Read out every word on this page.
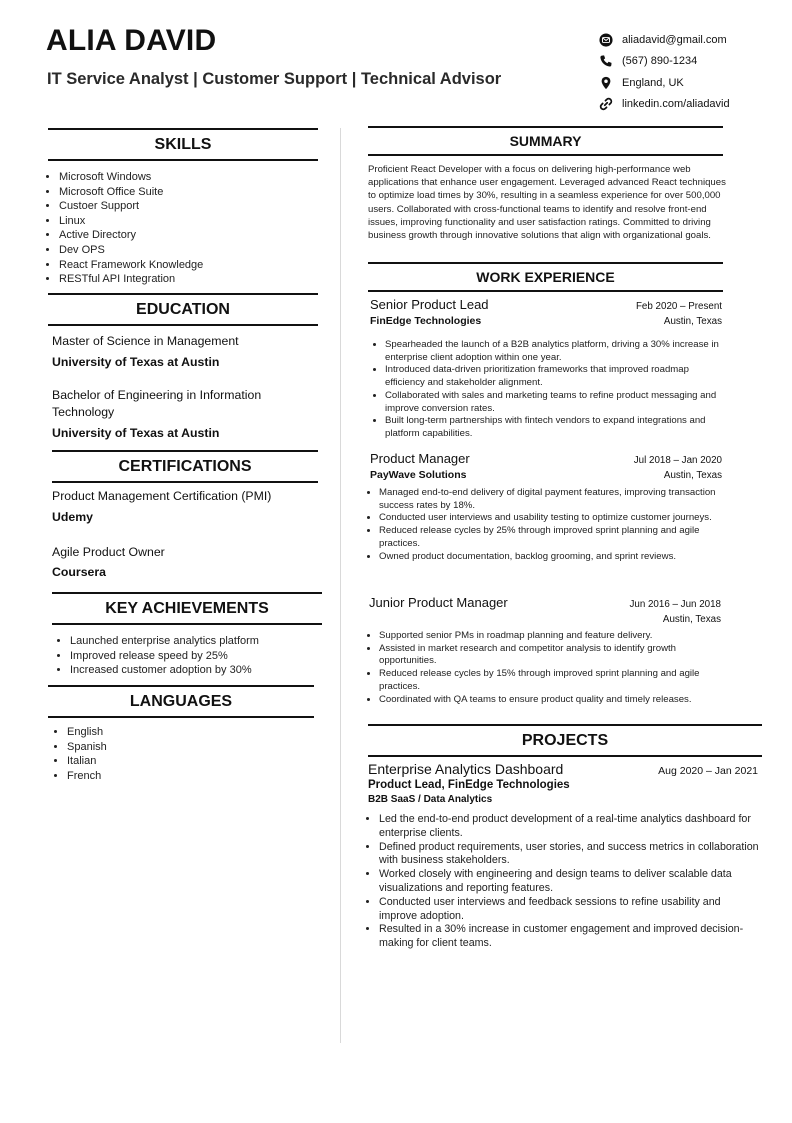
ALIA DAVID
IT Service Analyst | Customer Support | Technical Advisor
aliadavid@gmail.com
(567) 890-1234
England, UK
linkedin.com/aliadavid
SKILLS
• Microsoft Windows
• Microsoft Office Suite
• Custoer Support
• Linux
• Active Directory
• Dev OPS
• React Framework Knowledge
• RESTful API Integration
EDUCATION
Master of Science in Management
University of Texas at Austin
Bachelor of Engineering in Information Technology
University of Texas at Austin
CERTIFICATIONS
Product Management Certification (PMI)
Udemy
Agile Product Owner
Coursera
KEY ACHIEVEMENTS
• Launched enterprise analytics platform
• Improved release speed by 25%
• Increased customer adoption by 30%
LANGUAGES
• English
• Spanish
• Italian
• French
SUMMARY
Proficient React Developer with a focus on delivering high-performance web applications that enhance user engagement. Leveraged advanced React techniques to optimize load times by 30%, resulting in a seamless experience for over 500,000 users. Collaborated with cross-functional teams to identify and resolve front-end issues, improving functionality and user satisfaction ratings. Committed to driving business growth through innovative solutions that align with organizational goals.
WORK EXPERIENCE
Senior Product Lead	Feb 2020 – Present
FinEdge Technologies	Austin, Texas
• Spearheaded the launch of a B2B analytics platform, driving a 30% increase in enterprise client adoption within one year.
• Introduced data-driven prioritization frameworks that improved roadmap efficiency and stakeholder alignment.
• Collaborated with sales and marketing teams to refine product messaging and improve conversion rates.
• Built long-term partnerships with fintech vendors to expand integrations and platform capabilities.
Product Manager	Jul 2018 – Jan 2020
PayWave Solutions	Austin, Texas
• Managed end-to-end delivery of digital payment features, improving transaction success rates by 18%.
• Conducted user interviews and usability testing to optimize customer journeys.
• Reduced release cycles by 25% through improved sprint planning and agile practices.
• Owned product documentation, backlog grooming, and sprint reviews.
Junior Product Manager	Jun 2016 – Jun 2018
Austin, Texas
• Supported senior PMs in roadmap planning and feature delivery.
• Assisted in market research and competitor analysis to identify growth opportunities.
• Reduced release cycles by 15% through improved sprint planning and agile practices.
• Coordinated with QA teams to ensure product quality and timely releases.
PROJECTS
Enterprise Analytics Dashboard	Aug 2020 – Jan 2021
Product Lead, FinEdge Technologies
B2B SaaS / Data Analytics
• Led the end-to-end product development of a real-time analytics dashboard for enterprise clients.
• Defined product requirements, user stories, and success metrics in collaboration with business stakeholders.
• Worked closely with engineering and design teams to deliver scalable data visualizations and reporting features.
• Conducted user interviews and feedback sessions to refine usability and improve adoption.
• Resulted in a 30% increase in customer engagement and improved decision-making for client teams.
